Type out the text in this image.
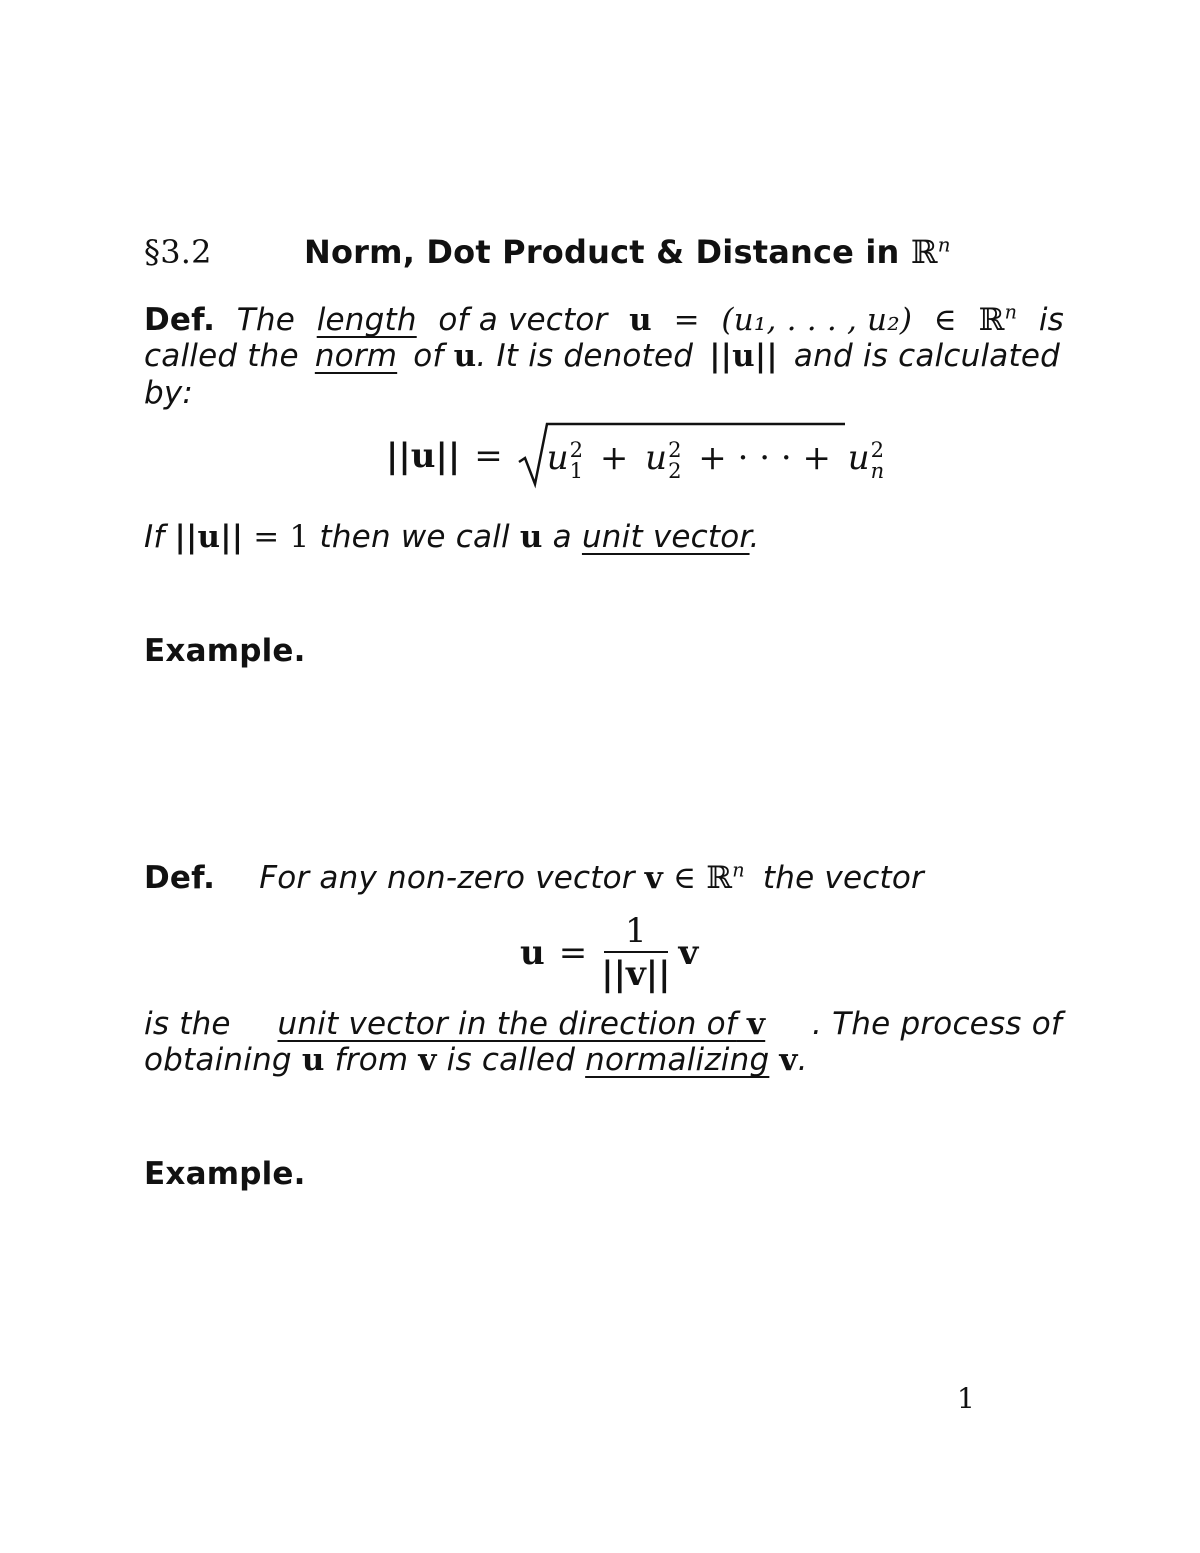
§3.2	Norm, Dot Product & Distance in ℝ$^n$
Def. The length of a vector u = (u₁, . . . , u₂) ∈ ℝ$^n$ is
called the norm of u. It is denoted ||u|| and is calculated
by:
||u|| =	u 2
1 + u 2
2 + · · · + u 2
n
If ||u|| = 1 then we call u a unit vector.
Example.
Def. For any non-zero vector v ∈ ℝ$^n$ the vector
u =
1
||v||
v
is the unit vector in the direction of v . The process of
obtaining u from v is called normalizing v.
Example.
1
